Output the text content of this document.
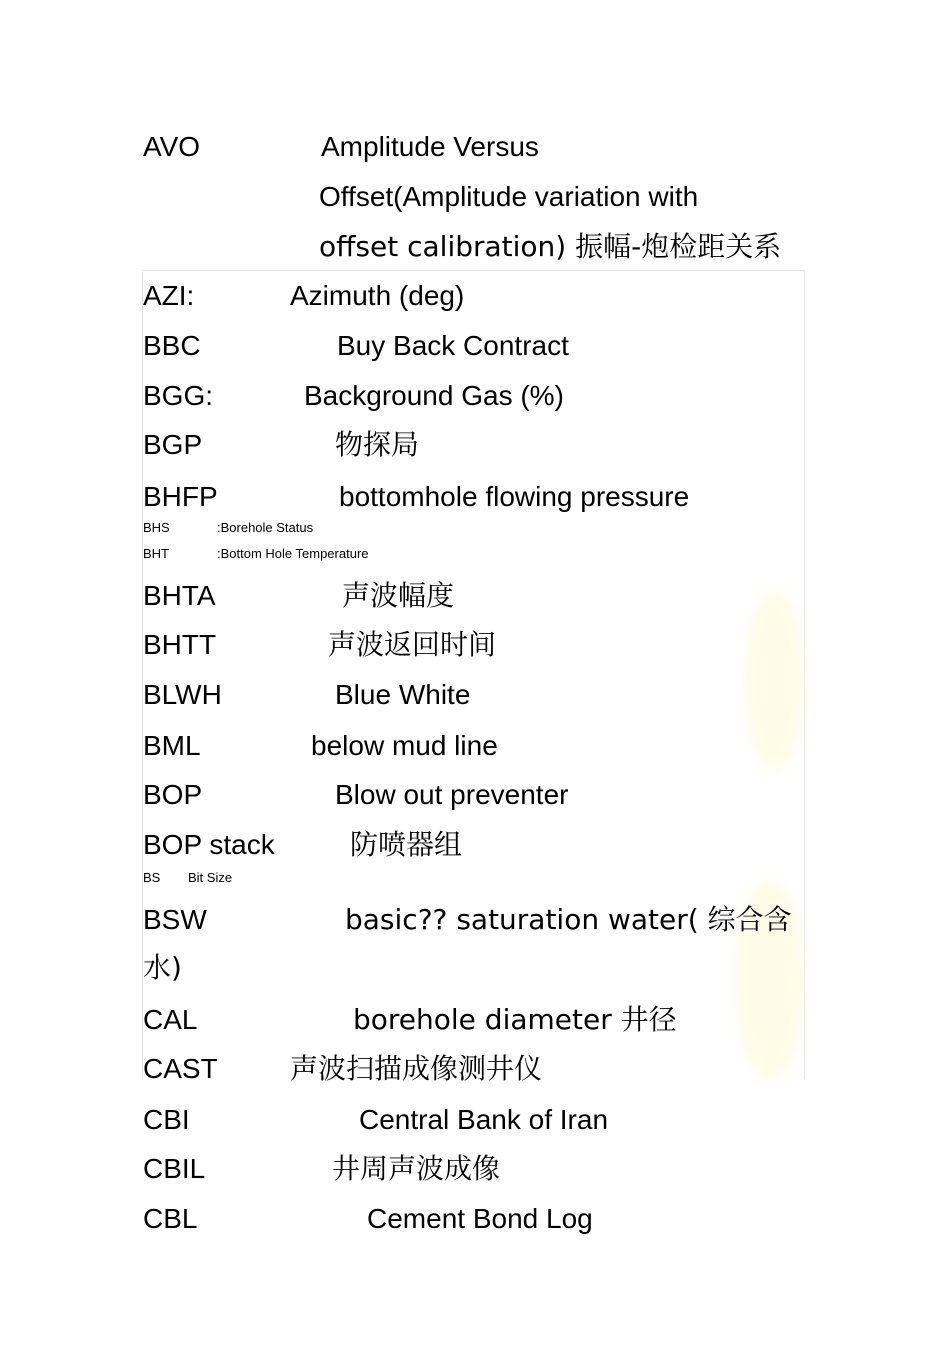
AVO	Amplitude Versus
Offset(Amplitude variation with
offset calibration) 振幅-炮检距关系
AZI:	Azimuth (deg)
BBC	Buy Back Contract
BGG:	Background Gas (%)
BGP	物探局
BHFP	bottomhole flowing pressure
BHS	:Borehole Status
BHT	:Bottom Hole Temperature
BHTA	声波幅度
BHTT	声波返回时间
BLWH	Blue White
BML	below mud line
BOP	Blow out preventer
BOP stack	防喷器组
BS Bit Size
BSW	basic?? saturation water( 综合含
水)
CAL	borehole diameter 井径
CAST	声波扫描成像测井仪
CBI	Central Bank of Iran
CBIL	井周声波成像
CBL	Cement Bond Log
